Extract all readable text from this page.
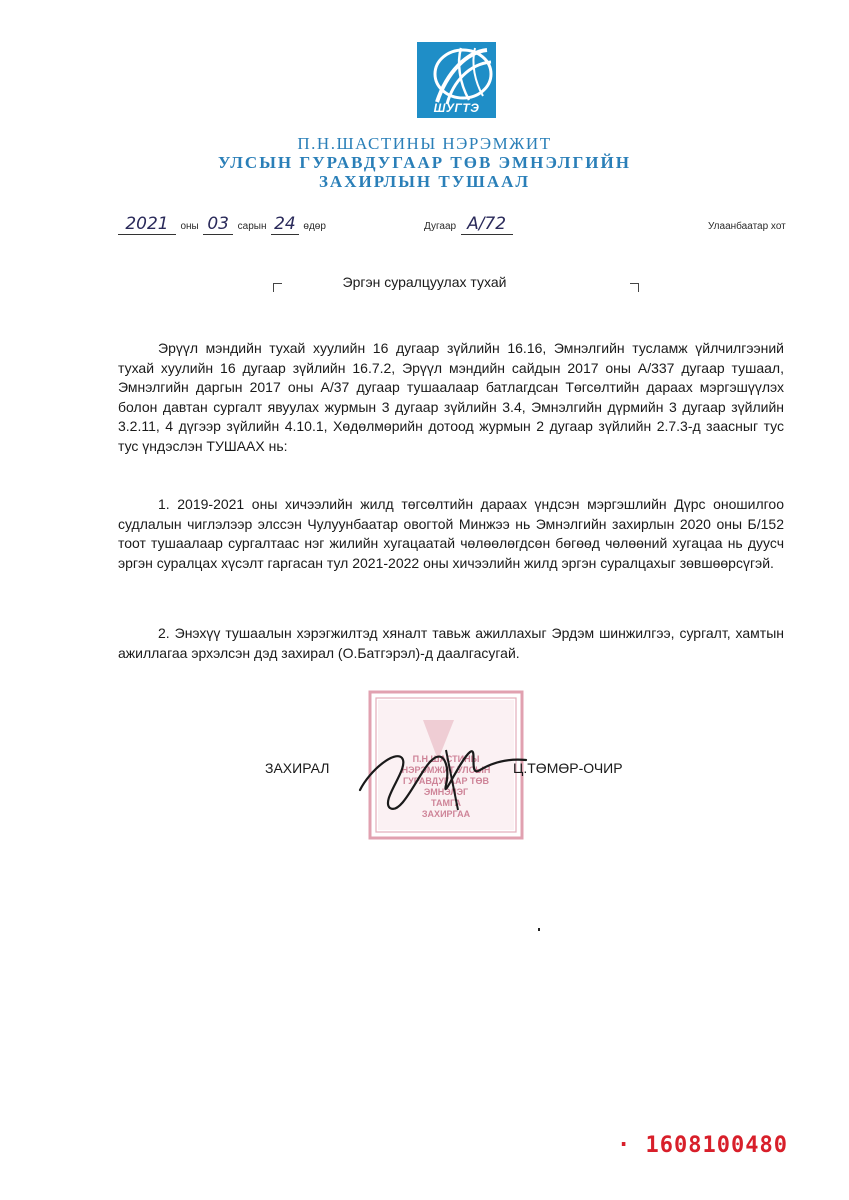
ШУГТЭ
П.Н.ШАСТИНЫ НЭРЭМЖИТ
УЛСЫН ГУРАВДУГААР ТӨВ ЭМНЭЛГИЙН
ЗАХИРЛЫН ТУШААЛ
2021 оны 03 сарын 24 өдөр	Дугаар А/72	Улаанбаатар хот
Эргэн суралцуулах тухай
Эрүүл мэндийн тухай хуулийн 16 дугаар зүйлийн 16.16, Эмнэлгийн тусламж үйлчилгээний тухай хуулийн 16 дугаар зүйлийн 16.7.2, Эрүүл мэндийн сайдын 2017 оны А/337 дугаар тушаал, Эмнэлгийн даргын 2017 оны А/37 дугаар тушаалаар батлагдсан Төгсөлтийн дараах мэргэшүүлэх болон давтан сургалт явуулах журмын 3 дугаар зүйлийн 3.4, Эмнэлгийн дүрмийн 3 дугаар зүйлийн 3.2.11, 4 дүгээр зүйлийн 4.10.1, Хөдөлмөрийн дотоод журмын 2 дугаар зүйлийн 2.7.3-д заасныг тус тус үндэслэн ТУШААХ нь:
1. 2019-2021 оны хичээлийн жилд төгсөлтийн дараах үндсэн мэргэшлийн Дүрс оношилгоо судлалын чиглэлээр элссэн Чулуунбаатар овогтой Минжээ нь Эмнэлгийн захирлын 2020 оны Б/152 тоот тушаалаар сургалтаас нэг жилийн хугацаатай чөлөөлөгдсөн бөгөөд чөлөөний хугацаа нь дуусч эргэн суралцах хүсэлт гаргасан тул 2021-2022 оны хичээлийн жилд эргэн суралцахыг зөвшөөрсүгэй.
2. Энэхүү тушаалын хэрэгжилтэд хяналт тавьж ажиллахыг Эрдэм шинжилгээ, сургалт, хамтын ажиллагаа эрхэлсэн дэд захирал (О.Батгэрэл)-д даалгасугай.
П.Н.ШАСТИНЫ
НЭРЭМЖИТ УЛСЫН
ГУРАВДУГААР ТӨВ
ЭМНЭЛЭГ
ТАМГА
ЗАХИРГАА
ЗАХИРАЛ	Ц.ТӨМӨР-ОЧИР
· 1608100480
